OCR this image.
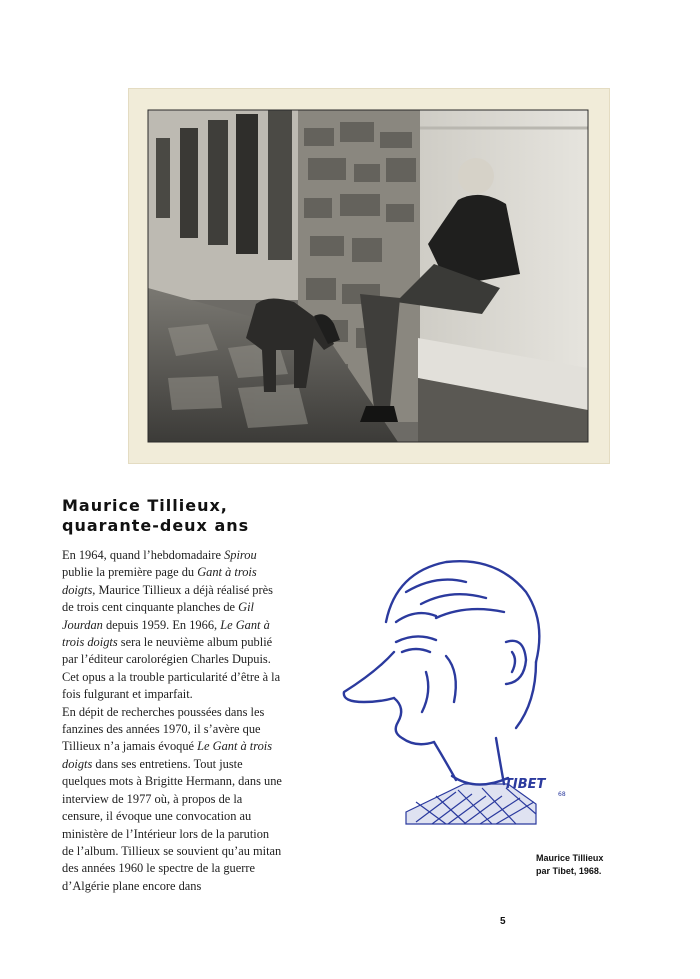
Maurice Tillieux,
quarante-deux ans

En 1964, quand l’hebdomadaire Spirou publie la première page du Gant à trois doigts, Maurice Tillieux a déjà réalisé près de trois cent cinquante planches de Gil Jourdan depuis 1959. En 1966, Le Gant à trois doigts sera le neuvième album publié par l’éditeur carolorégien Charles Dupuis. Cet opus a la trouble particularité d’être à la fois fulgurant et imparfait.

En dépit de recherches poussées dans les fanzines des années 1970, il s’avère que Tillieux n’a jamais évoqué Le Gant à trois doigts dans ses entretiens. Tout juste quelques mots à Brigitte Hermann, dans une interview de 1977 où, à propos de la censure, il évoque une convocation au ministère de l’Intérieur lors de la parution de l’album. Tillieux se souvient qu’au mitan des années 1960 le spectre de la guerre d’Algérie plane encore dans

TIBET
68
Maurice Tillieux
par Tibet, 1968.
5
